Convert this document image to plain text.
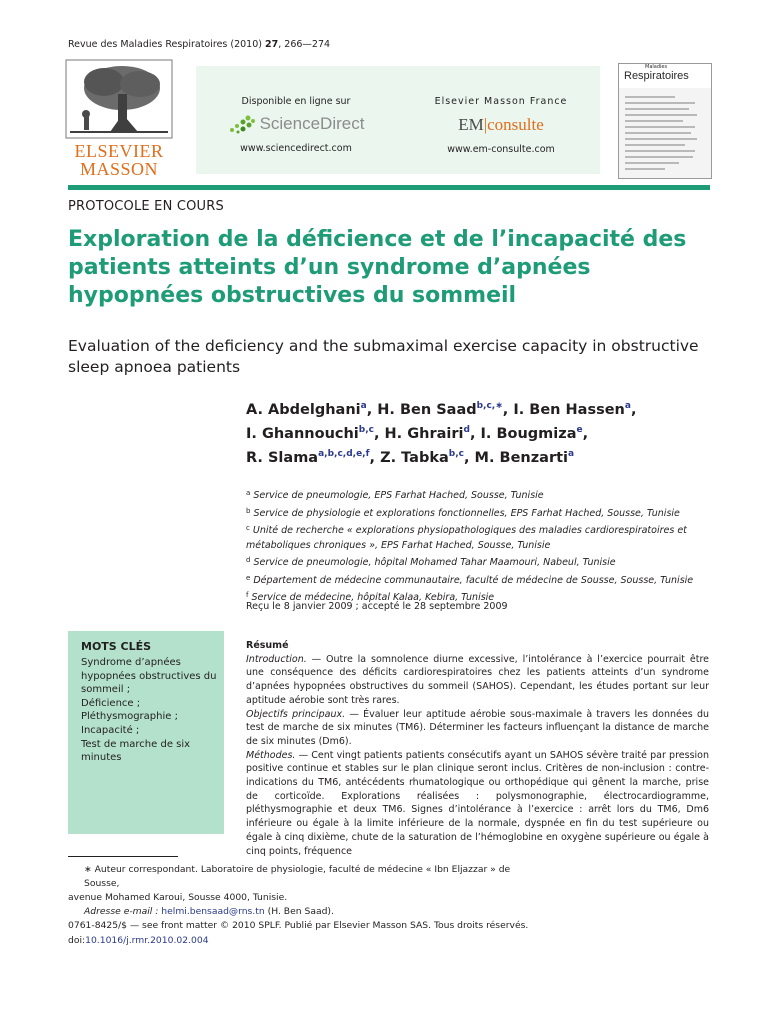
Revue des Maladies Respiratoires (2010) 27, 266—274
ELSEVIER
MASSON
Disponible en ligne sur
ScienceDirect
www.sciencedirect.com
Elsevier Masson France
EM|consulte
www.em-consulte.com
Maladies
Respiratoires
PROTOCOLE EN COURS
Exploration de la déficience et de l’incapacité des patients atteints d’un syndrome d’apnées hypopnées obstructives du sommeil
Evaluation of the deficiency and the submaximal exercise capacity in obstructive sleep apnoea patients
A. Abdelghani$^a$, H. Ben Saad$^{b,c,∗}$, I. Ben Hassen$^a$,
I. Ghannouchi$^{b,c}$, H. Ghrairi$^d$, I. Bougmiza$^e$,
R. Slama$^{a,b,c,d,e,f}$, Z. Tabka$^{b,c}$, M. Benzarti$^a$
$^a$ Service de pneumologie, EPS Farhat Hached, Sousse, Tunisie
$^b$ Service de physiologie et explorations fonctionnelles, EPS Farhat Hached, Sousse, Tunisie
$^c$ Unité de recherche « explorations physiopathologiques des maladies cardiorespiratoires et métaboliques chroniques », EPS Farhat Hached, Sousse, Tunisie
$^d$ Service de pneumologie, hôpital Mohamed Tahar Maamouri, Nabeul, Tunisie
$^e$ Département de médecine communautaire, faculté de médecine de Sousse, Sousse, Tunisie
$^f$ Service de médecine, hôpital Kalaa, Kebira, Tunisie
Reçu le 8 janvier 2009 ; accepté le 28 septembre 2009
MOTS CLÉS
Syndrome d’apnées hypopnées obstructives du sommeil ;
Déficience ;
Pléthysmographie ;
Incapacité ;
Test de marche de six minutes
Résumé
Introduction. — Outre la somnolence diurne excessive, l’intolérance à l’exercice pourrait être une conséquence des déficits cardiorespiratoires chez les patients atteints d’un syndrome d’apnées hypopnées obstructives du sommeil (SAHOS). Cependant, les études portant sur leur aptitude aérobie sont très rares.
Objectifs principaux. — Évaluer leur aptitude aérobie sous-maximale à travers les données du test de marche de six minutes (TM6). Déterminer les facteurs influençant la distance de marche de six minutes (Dm6).
Méthodes. — Cent vingt patients patients consécutifs ayant un SAHOS sévère traité par pression positive continue et stables sur le plan clinique seront inclus. Critères de non-inclusion : contre-indications du TM6, antécédents rhumatologique ou orthopédique qui gênent la marche, prise de corticoïde. Explorations réalisées : polysmonographie, électrocardiogramme, pléthysmographie et deux TM6. Signes d’intolérance à l’exercice : arrêt lors du TM6, Dm6 inférieure ou égale à la limite inférieure de la normale, dyspnée en fin du test supérieure ou égale à cinq dixième, chute de la saturation de l’hémoglobine en oxygène supérieure ou égale à cinq points, fréquence
∗ Auteur correspondant. Laboratoire de physiologie, faculté de médecine « Ibn Eljazzar » de Sousse,
avenue Mohamed Karoui, Sousse 4000, Tunisie.
Adresse e-mail : helmi.bensaad@rns.tn (H. Ben Saad).
0761-8425/$ — see front matter © 2010 SPLF. Publié par Elsevier Masson SAS. Tous droits réservés.
doi:10.1016/j.rmr.2010.02.004
